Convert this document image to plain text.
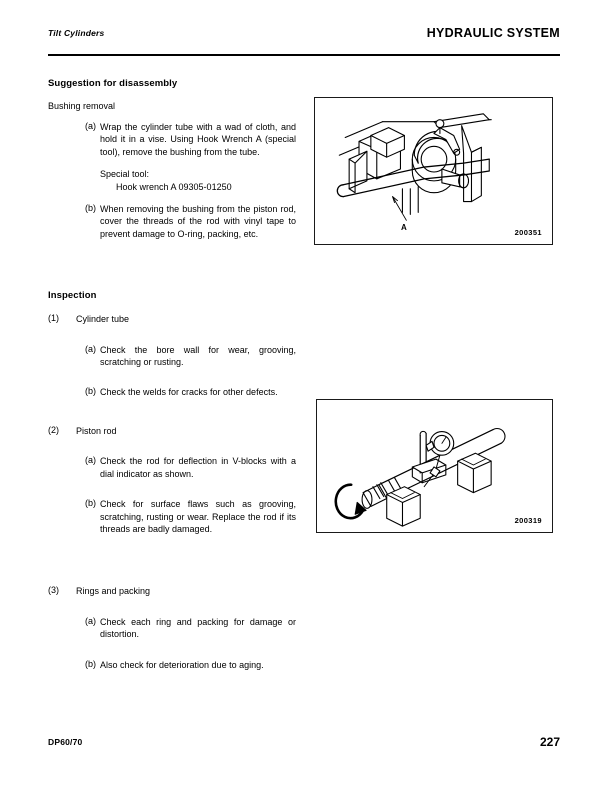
Tilt Cylinders	HYDRAULIC SYSTEM
Suggestion for disassembly
Bushing removal
(a) Wrap the cylinder tube with a wad of cloth, and hold it in a vise. Using Hook Wrench A (special tool), remove the bushing from the tube.

Special tool:

Hook wrench A 09305-01250

(b) When removing the bushing from the piston rod, cover the threads of the rod with vinyl tape to prevent damage to O-ring, packing, etc.

Inspection
(1) Cylinder tube

(a) Check the bore wall for wear, grooving, scratching or rusting.

(b) Check the welds for cracks for other defects.

(2) Piston rod

(a) Check the rod for deflection in V-blocks with a dial indicator as shown.

(b) Check for surface flaws such as grooving, scratching, rusting or wear. Replace the rod if its threads are badly damaged.

(3) Rings and packing

(a) Check each ring and packing for damage or distortion.

(b) Also check for deterioration due to aging.

A
200351
200319
DP60/70	227
